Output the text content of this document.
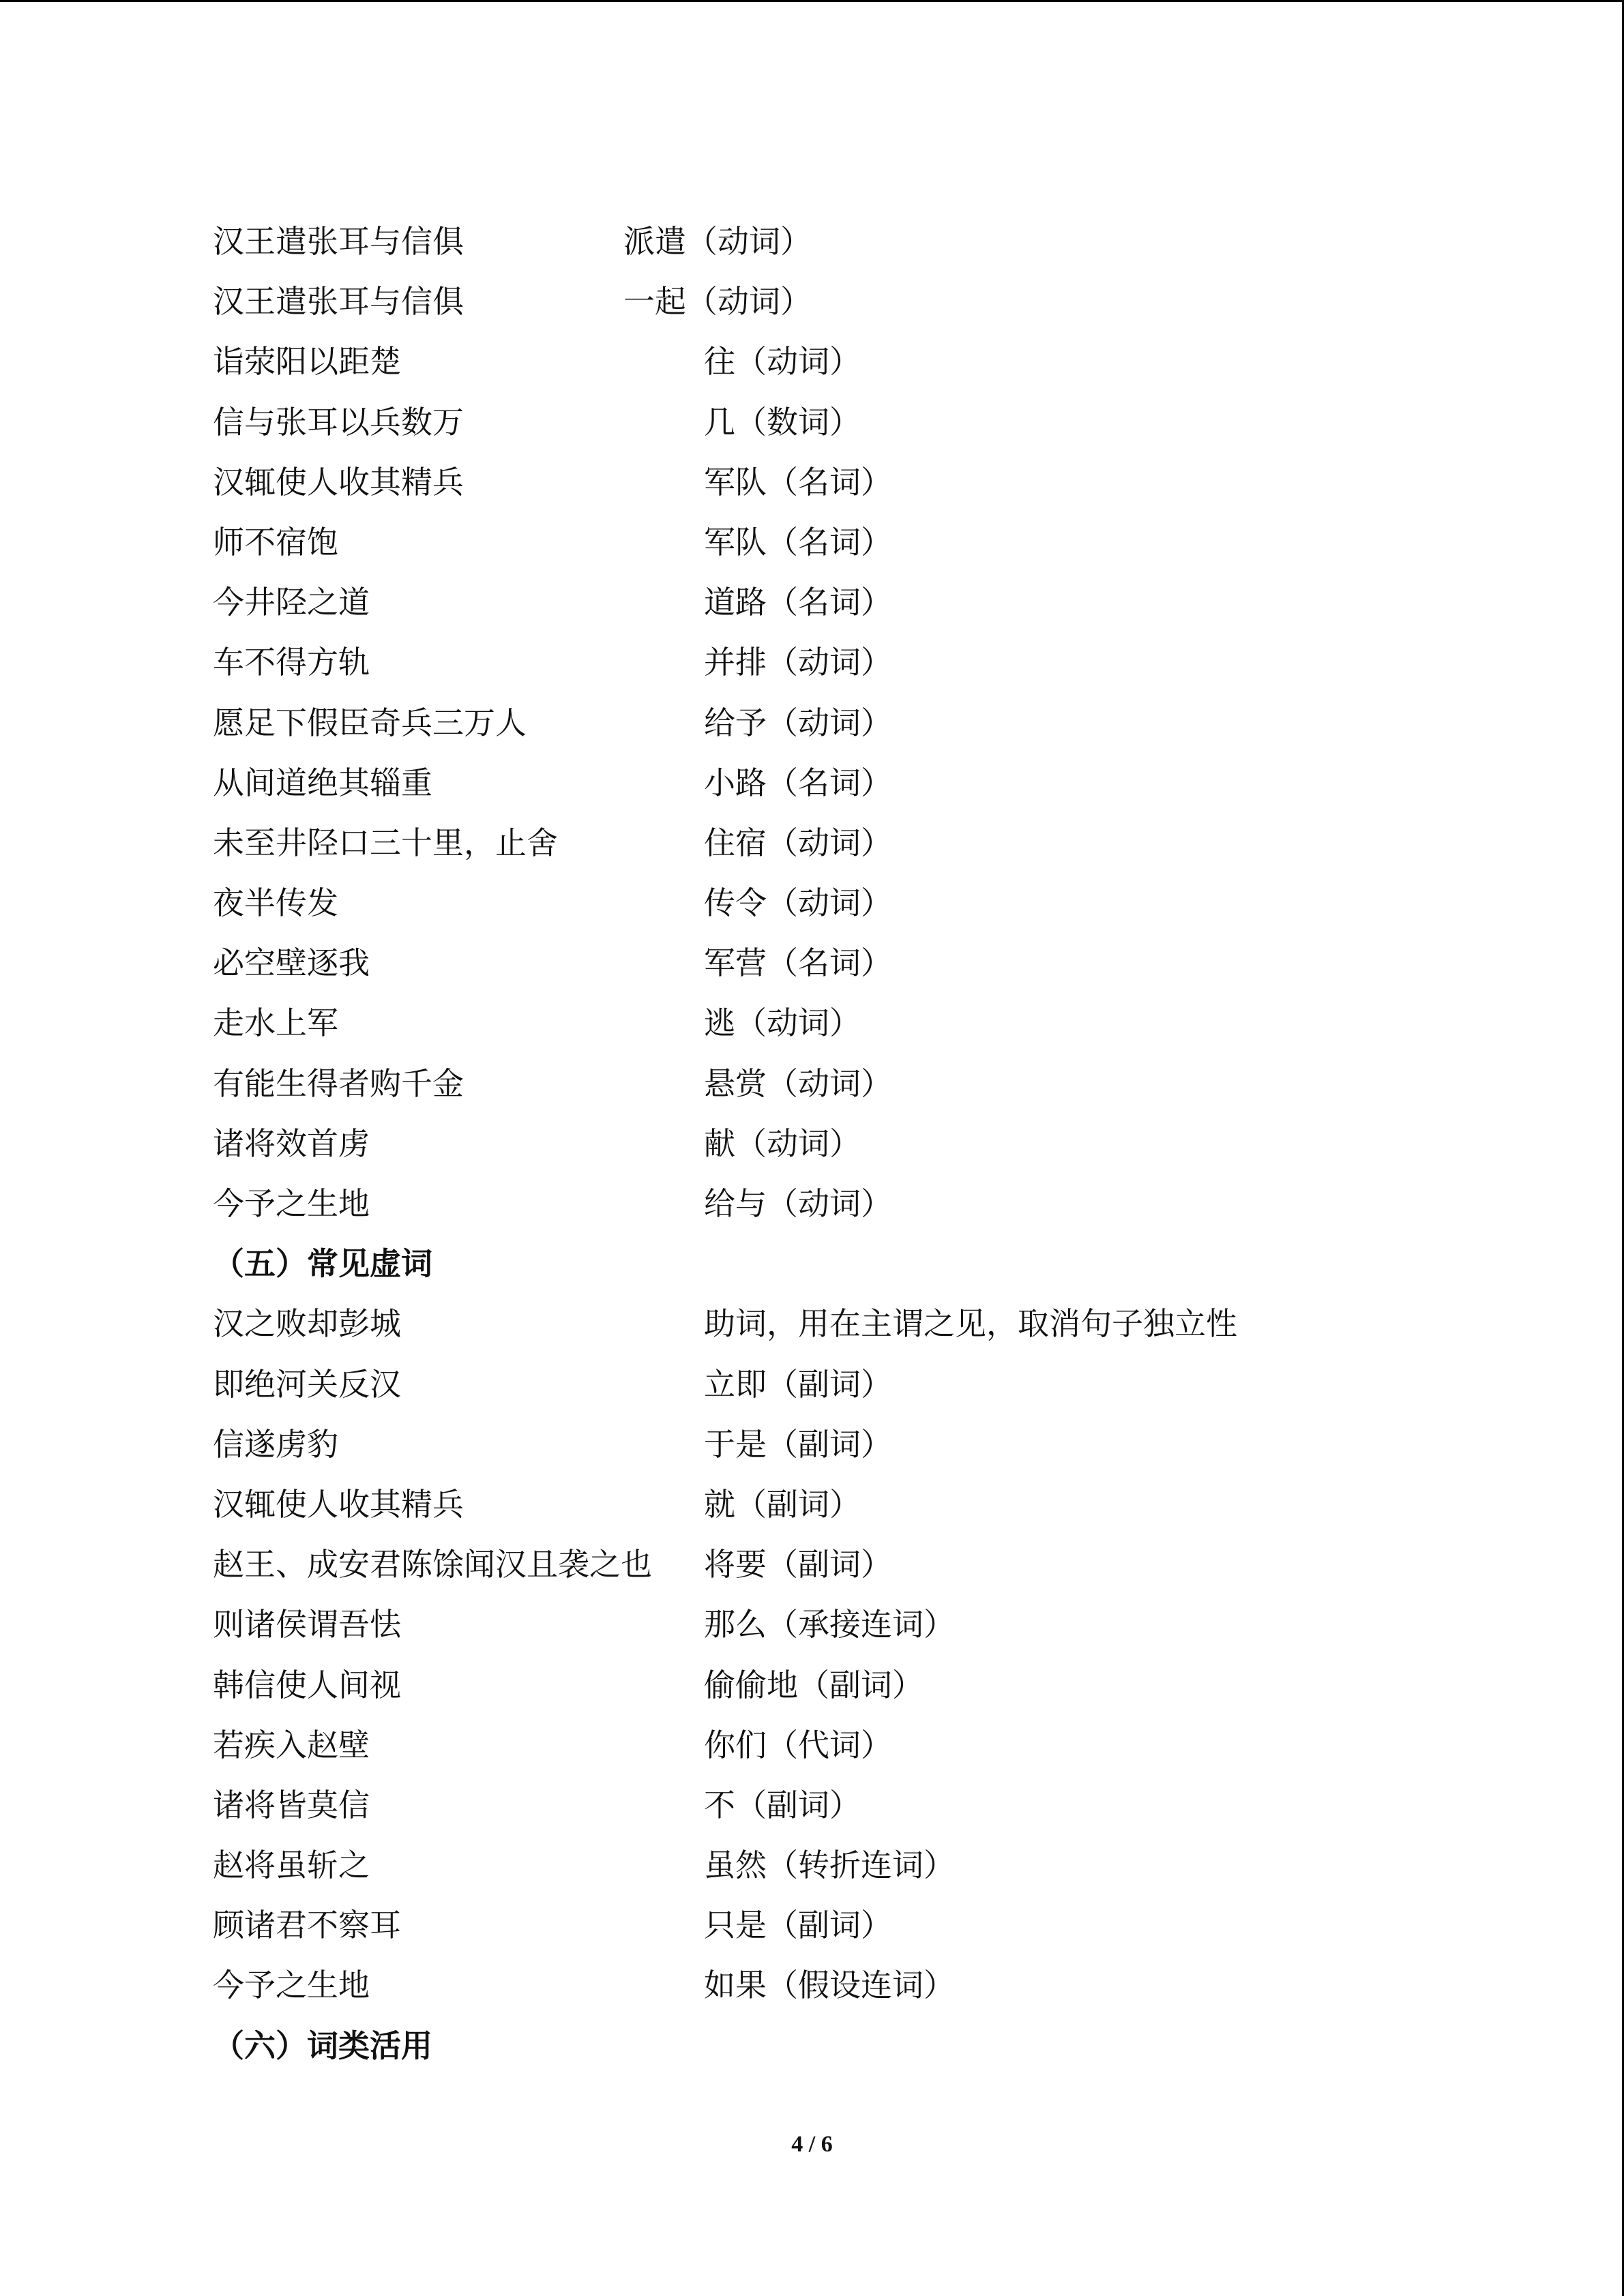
汉王遣张耳与信俱	派遣（动词）
汉王遣张耳与信俱	一起（动词）
诣荥阳以距楚	往（动词）
信与张耳以兵数万	几（数词）
汉辄使人收其精兵	军队（名词）
师不宿饱	军队（名词）
今井陉之道	道路（名词）
车不得方轨	并排（动词）
愿足下假臣奇兵三万人	给予（动词）
从间道绝其辎重	小路（名词）
未至井陉口三十里，止舍	住宿（动词）
夜半传发	传令（动词）
必空壁逐我	军营（名词）
走水上军	逃（动词）
有能生得者购千金	悬赏（动词）
诸将效首虏	献（动词）
今予之生地	给与（动词）
（五）常见虚词
汉之败却彭城	助词，用在主谓之见，取消句子独立性
即绝河关反汉	立即（副词）
信遂虏豹	于是（副词）
汉辄使人收其精兵	就（副词）
赵王、成安君陈馀闻汉且袭之也 将要（副词）
则诸侯谓吾怯	那么（承接连词）
韩信使人间视	偷偷地（副词）
若疾入赵壁	你们（代词）
诸将皆莫信	不（副词）
赵将虽斩之	虽然（转折连词）
顾诸君不察耳	只是（副词）
今予之生地	如果（假设连词）
（六）词类活用
4 / 6
